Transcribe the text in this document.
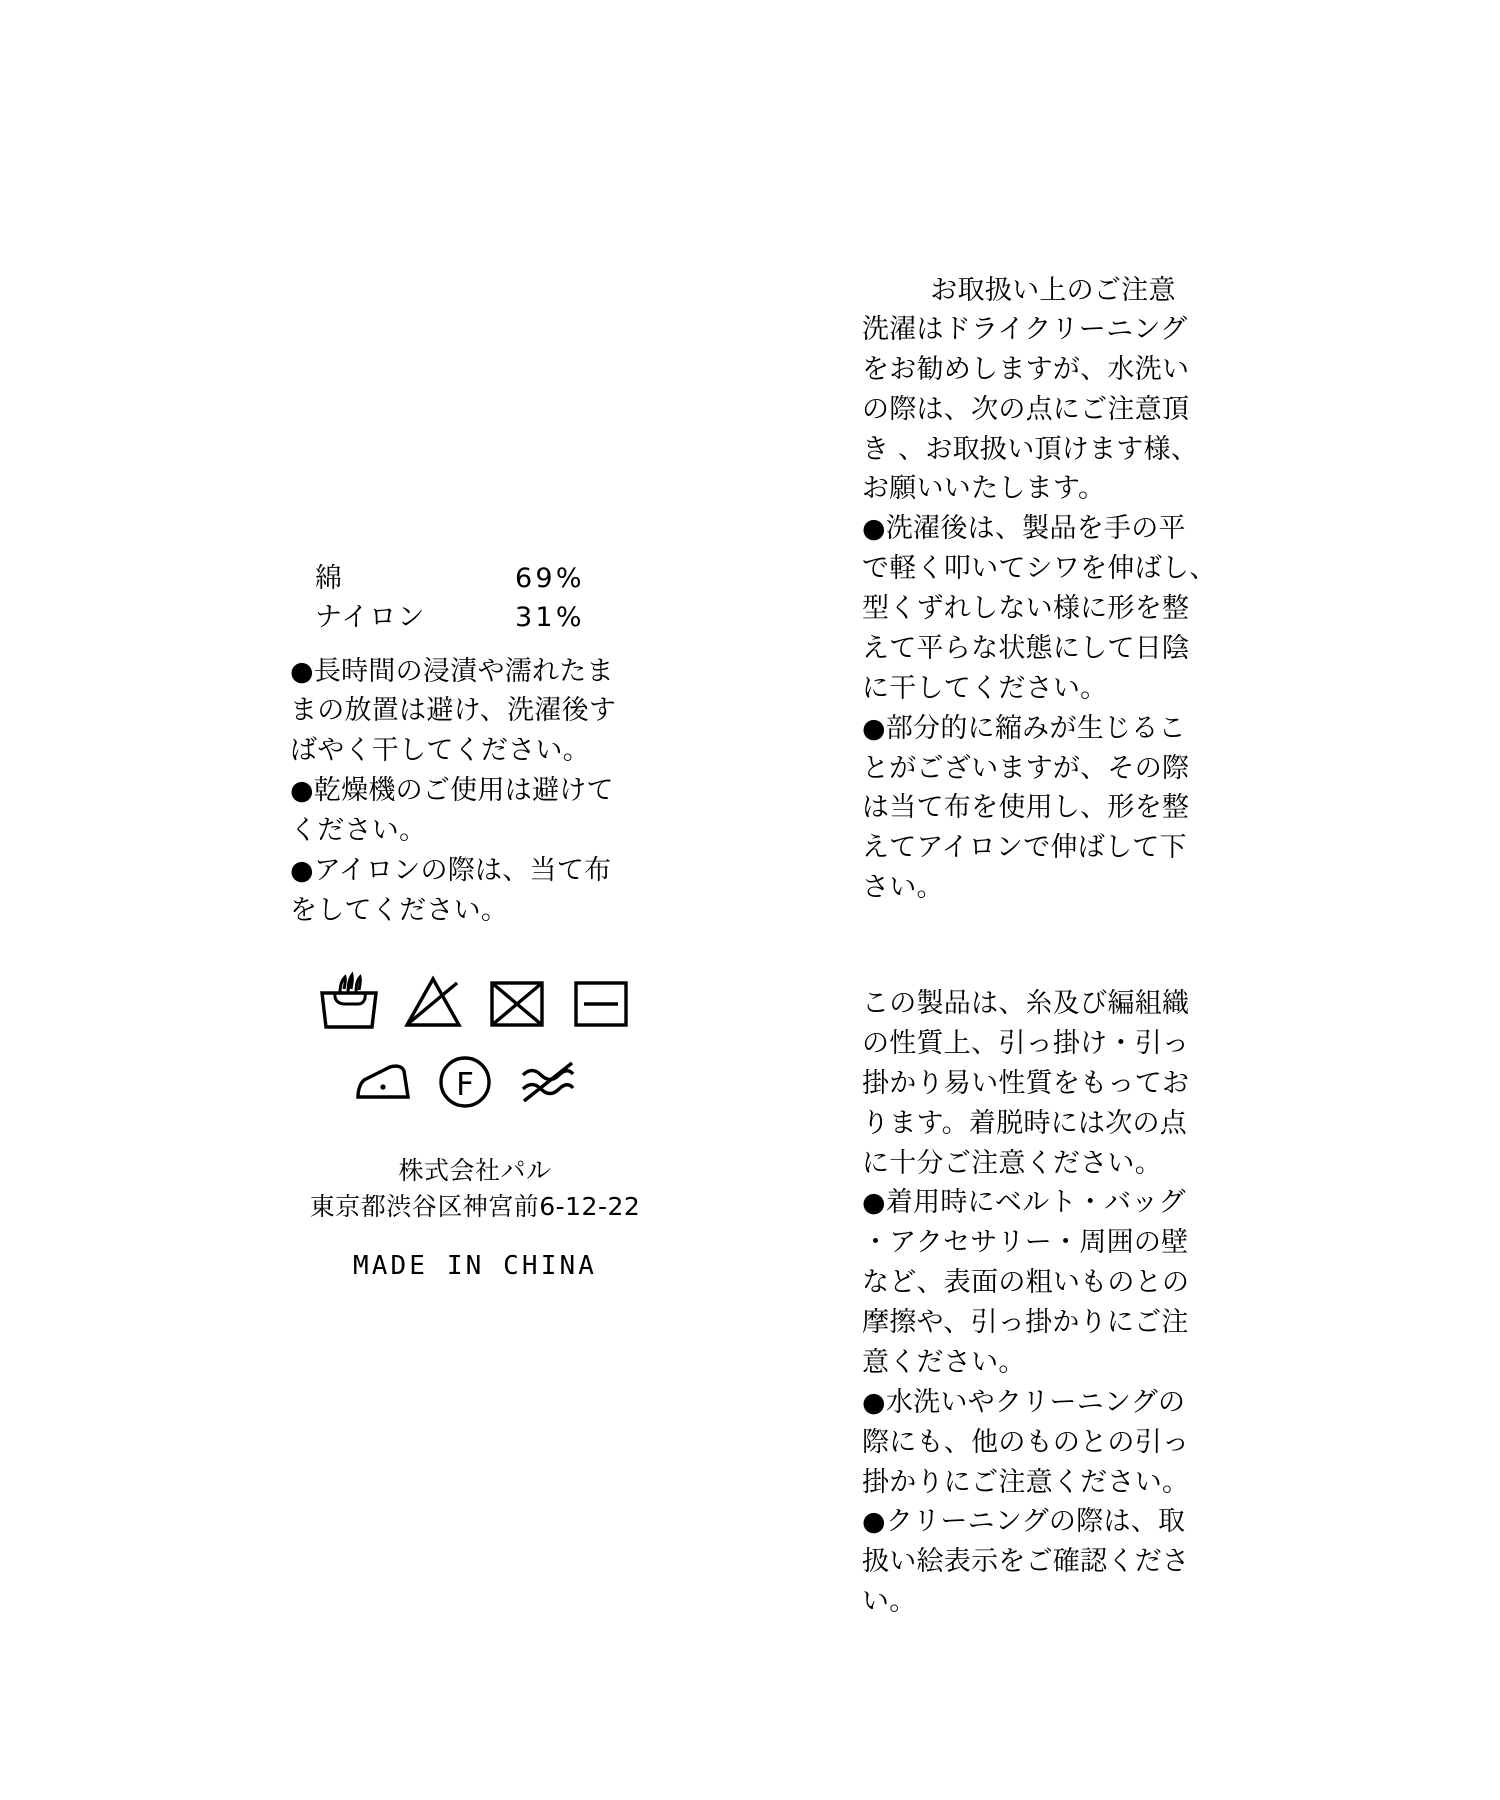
綿	69%
ナイロン	31%

●長時間の浸漬や濡れたま

まの放置は避け、洗濯後す

ばやく干してください。

●乾燥機のご使用は避けて

ください。

●アイロンの際は、当て布

をしてください。

F

株式会社パル

東京都渋谷区神宮前6-12-22

MADE IN CHINA

お取扱い上のご注意

洗濯はドライクリーニング

をお勧めしますが、水洗い

の際は、次の点にご注意頂

き 、お取扱い頂けます様、

お願いいたします。

●洗濯後は、製品を手の平

で軽く叩いてシワを伸ばし、

型くずれしない様に形を整

えて平らな状態にして日陰

に干してください。

●部分的に縮みが生じるこ

とがございますが、その際

は当て布を使用し、形を整

えてアイロンで伸ばして下

さい。

この製品は、糸及び編組織

の性質上、引っ掛け・引っ

掛かり易い性質をもってお

ります。着脱時には次の点

に十分ご注意ください。

●着用時にベルト・バッグ

・アクセサリー・周囲の壁

など、表面の粗いものとの

摩擦や、引っ掛かりにご注

意ください。

●水洗いやクリーニングの

際にも、他のものとの引っ

掛かりにご注意ください。

●クリーニングの際は、取

扱い絵表示をご確認くださ

い。
